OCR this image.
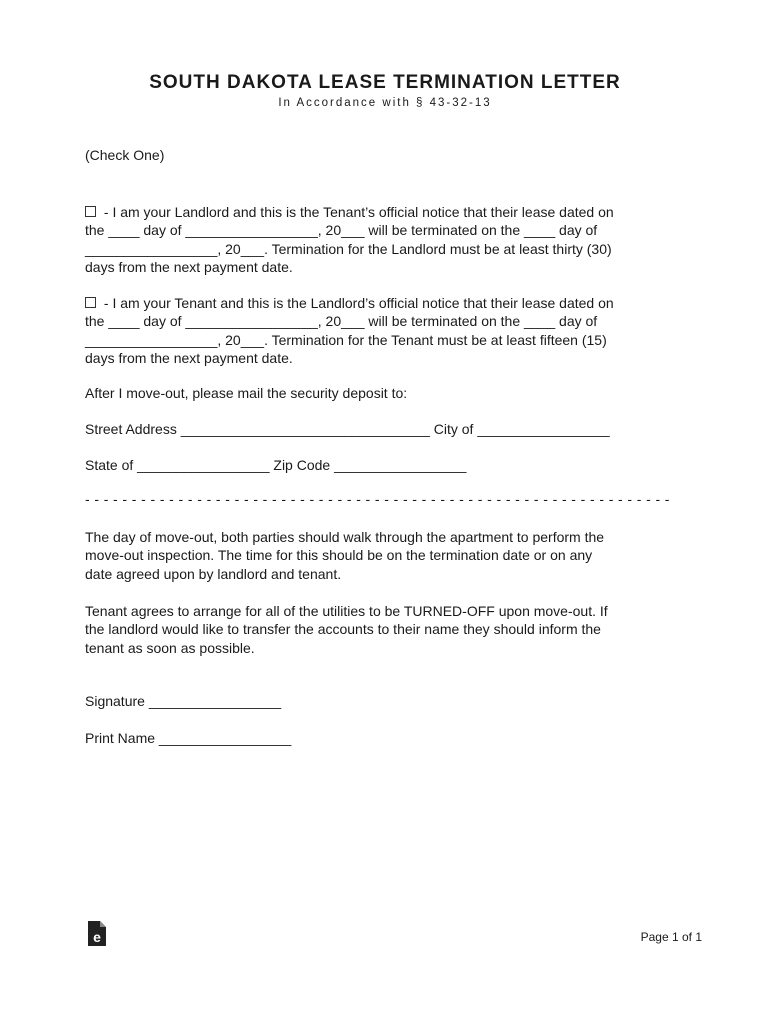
SOUTH DAKOTA LEASE TERMINATION LETTER

In Accordance with § 43-32-13

(Check One)

- I am your Landlord and this is the Tenant’s official notice that their lease dated on
the ____ day of _________________, 20___ will be terminated on the ____ day of
_________________, 20___. Termination for the Landlord must be at least thirty (30)
days from the next payment date.
- I am your Tenant and this is the Landlord’s official notice that their lease dated on
the ____ day of _________________, 20___ will be terminated on the ____ day of
_________________, 20___. Termination for the Tenant must be at least fifteen (15)
days from the next payment date.

After I move-out, please mail the security deposit to:

Street Address ________________________________ City of _________________

State of _________________ Zip Code _________________

- - - - - - - - - - - - - - - - - - - - - - - - - - - - - - - - - - - - - - - - - - - - - - - - - - - - - - - - - - - - - - -

The day of move-out, both parties should walk through the apartment to perform the
move-out inspection. The time for this should be on the termination date or on any
date agreed upon by landlord and tenant.
Tenant agrees to arrange for all of the utilities to be TURNED-OFF upon move-out. If
the landlord would like to transfer the accounts to their name they should inform the
tenant as soon as possible.

Signature _________________

Print Name _________________

e	Page 1 of 1
